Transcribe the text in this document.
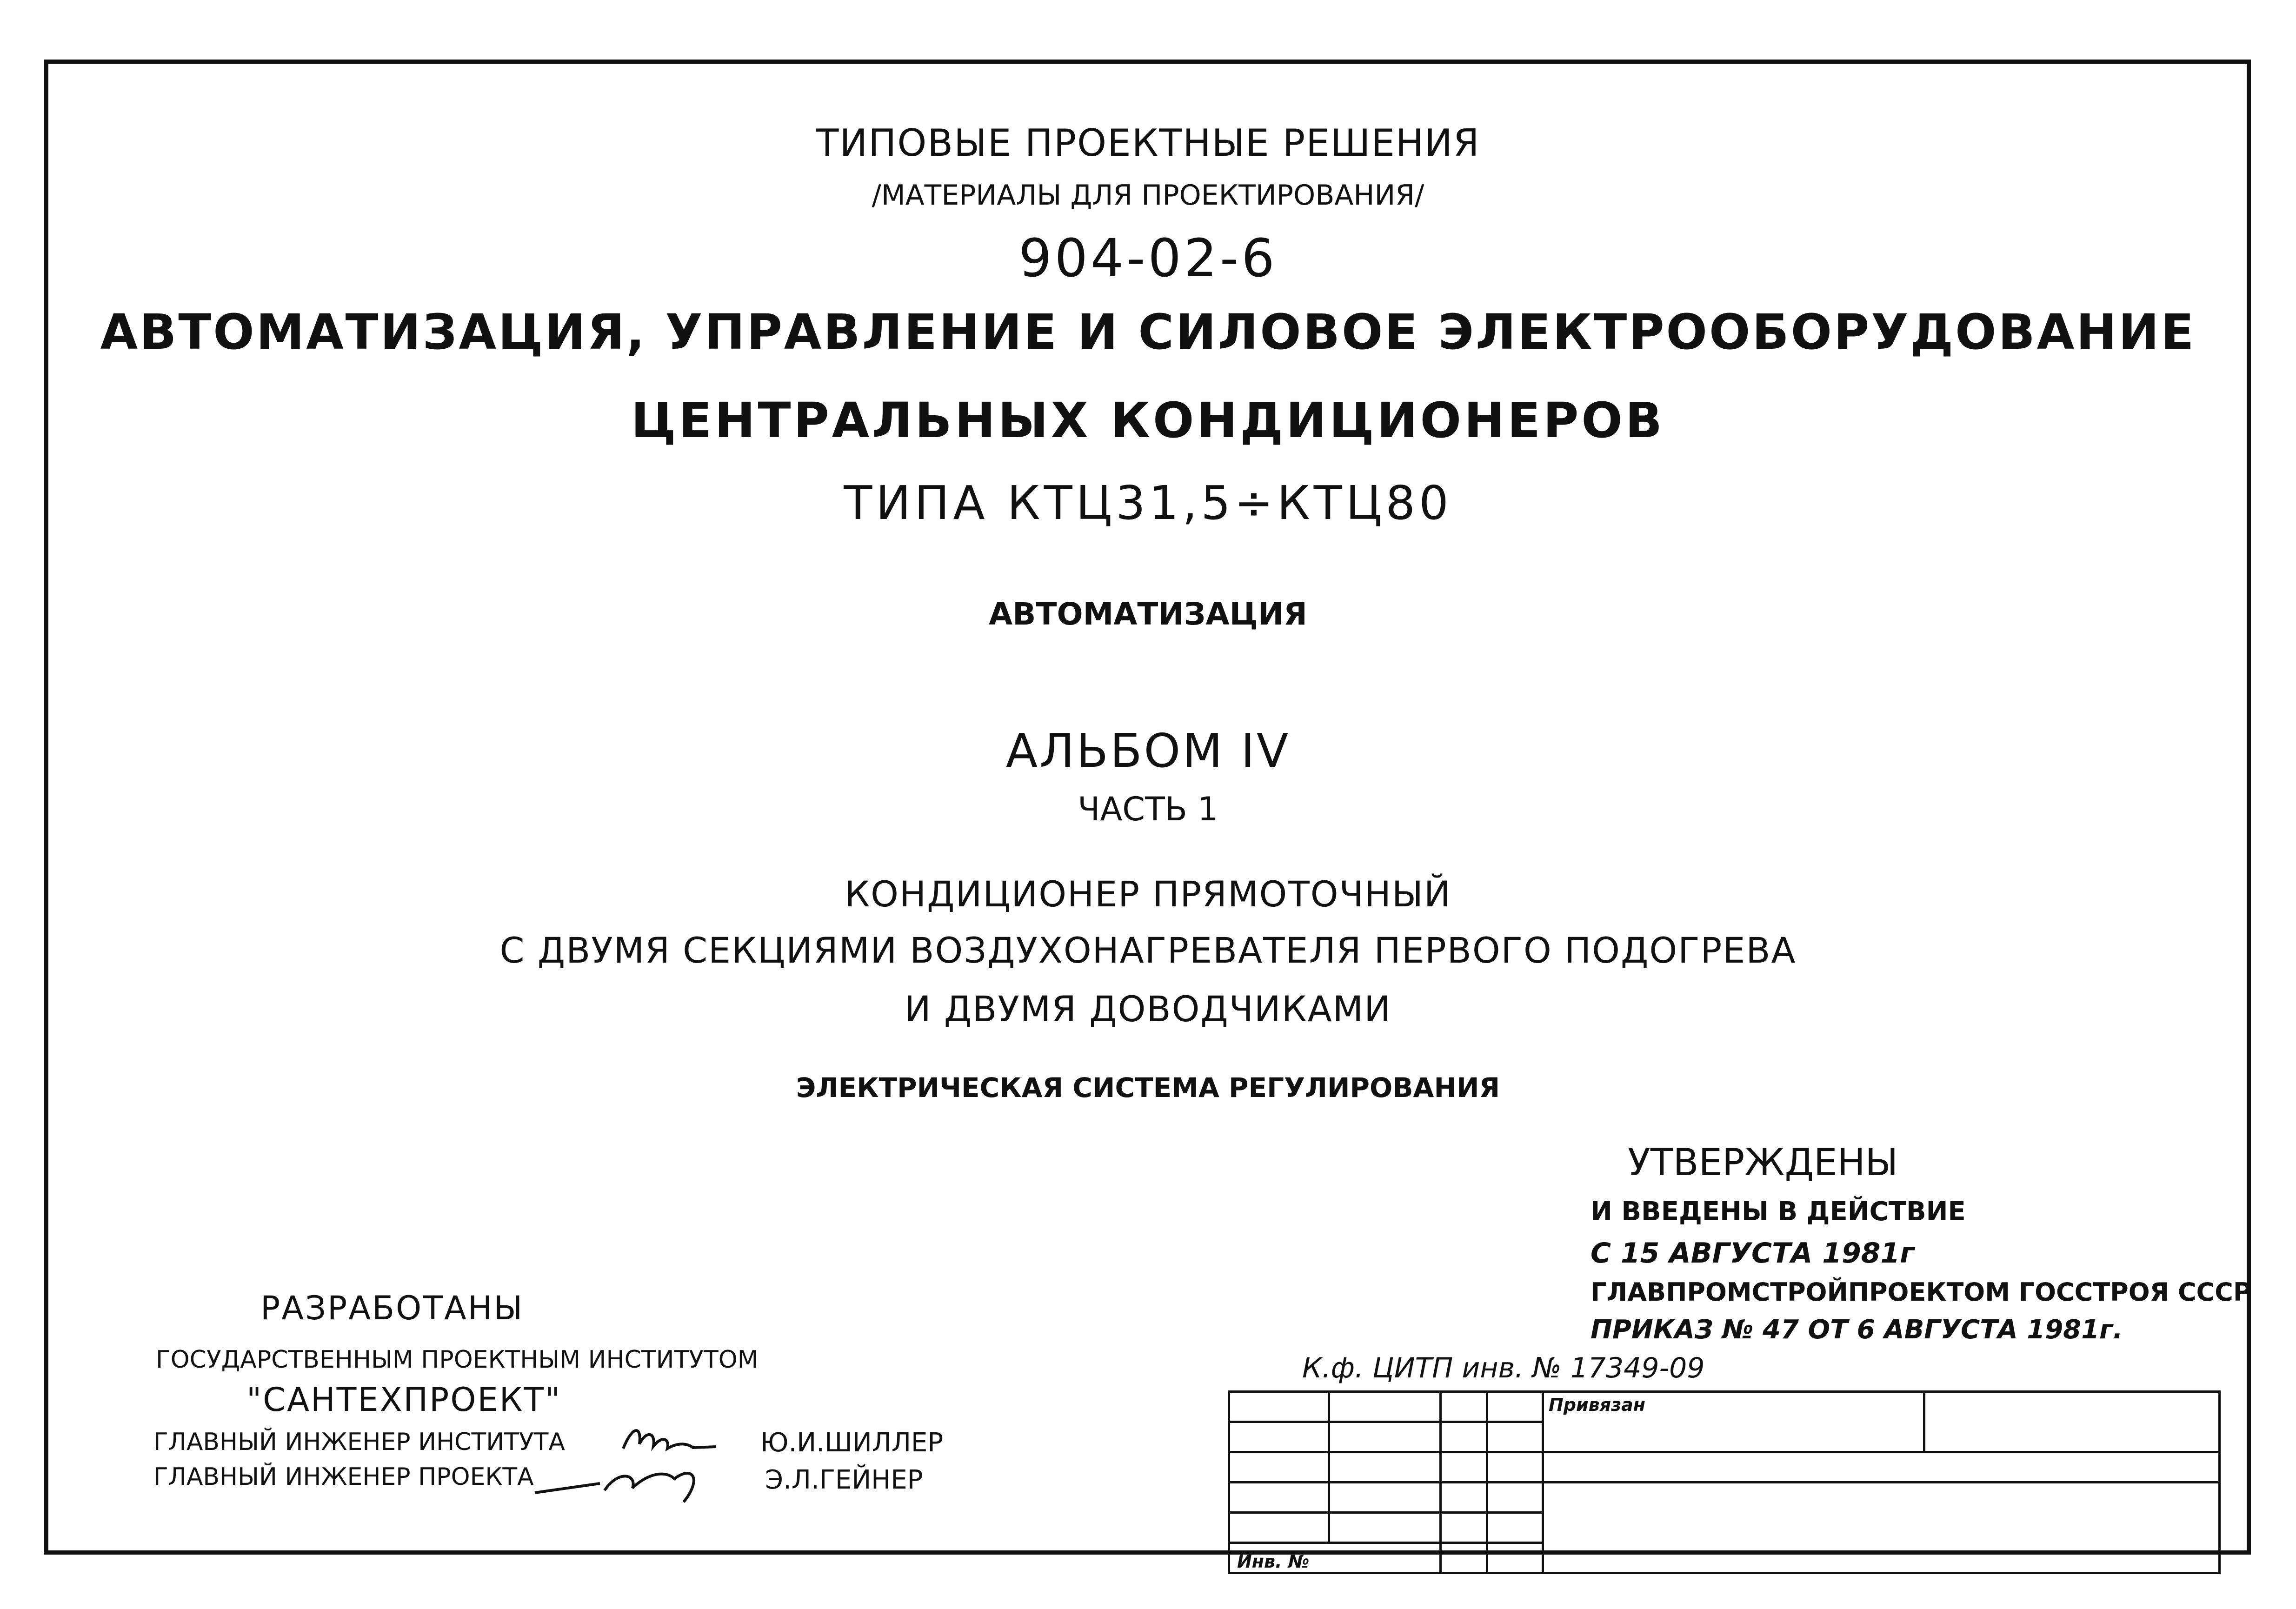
ТИПОВЫЕ ПРОЕКТНЫЕ РЕШЕНИЯ
/МАТЕРИАЛЫ ДЛЯ ПРОЕКТИРОВАНИЯ/
904-02-6
АВТОМАТИЗАЦИЯ, УПРАВЛЕНИЕ И СИЛОВОЕ ЭЛЕКТРООБОРУДОВАНИЕ
ЦЕНТРАЛЬНЫХ КОНДИЦИОНЕРОВ
ТИПА КТЦ31,5÷КТЦ80
АВТОМАТИЗАЦИЯ
АЛЬБОМ IV
ЧАСТЬ 1
КОНДИЦИОНЕР ПРЯМОТОЧНЫЙ
С ДВУМЯ СЕКЦИЯМИ ВОЗДУХОНАГРЕВАТЕЛЯ ПЕРВОГО ПОДОГРЕВА
И ДВУМЯ ДОВОДЧИКАМИ
ЭЛЕКТРИЧЕСКАЯ СИСТЕМА РЕГУЛИРОВАНИЯ
УТВЕРЖДЕНЫ
И ВВЕДЕНЫ В ДЕЙСТВИЕ
С 15 АВГУСТА 1981г
ГЛАВПРОМСТРОЙПРОЕКТОМ ГОССТРОЯ СССР
ПРИКАЗ № 47 ОТ 6 АВГУСТА 1981г.
РАЗРАБОТАНЫ
ГОСУДАРСТВЕННЫМ ПРОЕКТНЫМ ИНСТИТУТОМ
"САНТЕХПРОЕКТ"
ГЛАВНЫЙ ИНЖЕНЕР ИНСТИТУТА	Ю.И.ШИЛЛЕР
ГЛАВНЫЙ ИНЖЕНЕР ПРОЕКТА	Э.Л.ГЕЙНЕР
К.ф. ЦИТП инв. № 17349-09
				Привязан	

Инв. №					
